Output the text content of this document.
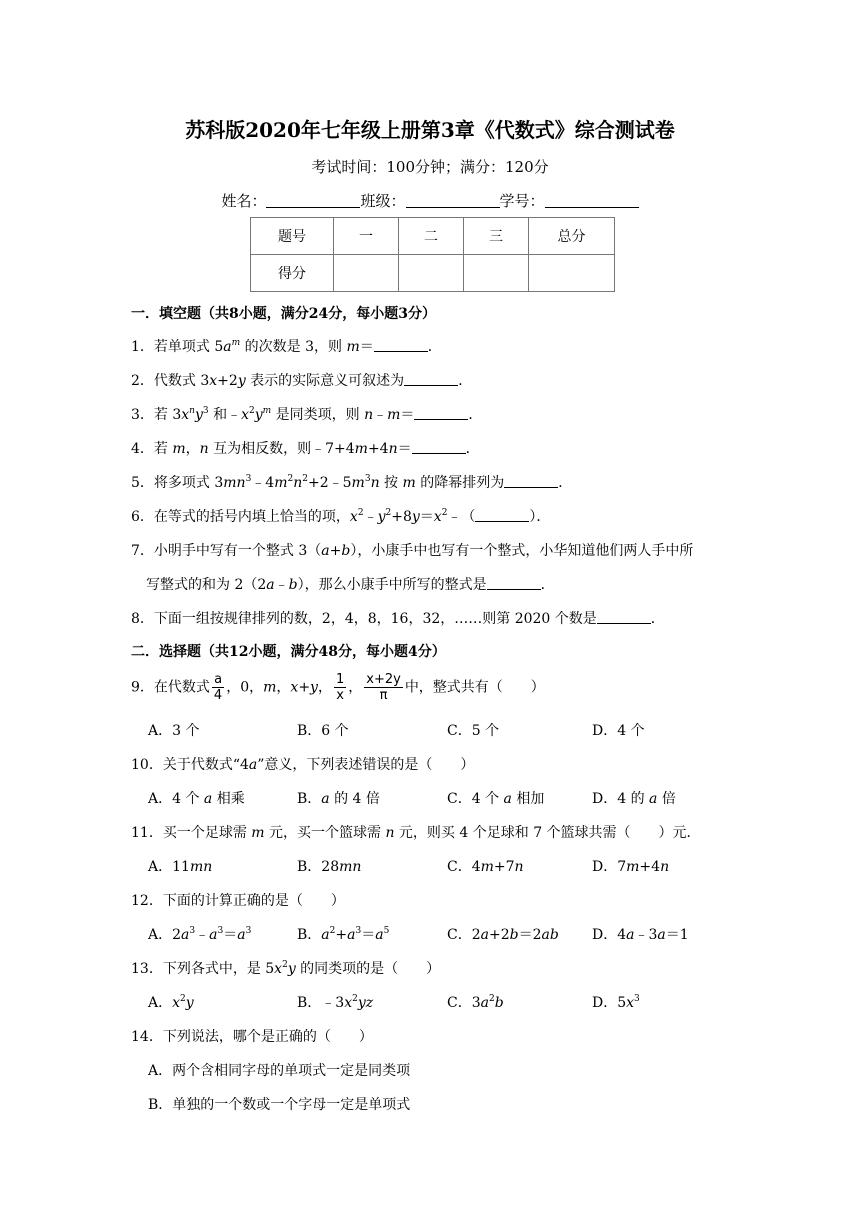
苏科版2020年七年级上册第3章《代数式》综合测试卷
考试时间：100分钟；满分：120分
姓名：	班级：	学号：
题号	一	二	三	总分
得分				
一．填空题（共8小题，满分24分，每小题3分）
1．若单项式 $5a^m$ 的次数是 3，则 m＝	．
2．代数式 3x+2y 表示的实际意义可叙述为	．
3．若 $3x^ny^3$ 和$﹣x^2y^m$ 是同类项，则 n﹣m＝	．
4．若 m，n 互为相反数，则﹣7+4m+4n＝	．
5．将多项式 $3mn^3﹣4m^2n^2+2﹣5m^3n$ 按 m 的降幂排列为	．
6．在等式的括号内填上恰当的项，$x^2﹣y^2+8y=x^2﹣$（	）．
7．小明手中写有一个整式 3（a+b），小康手中也写有一个整式，小华知道他们两人手中所
写整式的和为 2（2a﹣b），那么小康手中所写的整式是	．
8．下面一组按规律排列的数，2，4，8，16，32，……则第 2020 个数是	．
二．选择题（共12小题，满分48分，每小题4分）
9．在代数式 $\frac{a}{4}$ ，0，m，x+y， $\frac{1}{x}$ ， $\frac{x+2y}{\pi}$ 中，整式共有（　　）
A．3 个	B．6 个	C．5 个	D．4 个
10．关于代数式“4a”意义，下列表述错误的是（　　）
A．4 个 a 相乘	B．a 的 4 倍	C．4 个 a 相加	D．4 的 a 倍
11．买一个足球需 m 元，买一个篮球需 n 元，则买 4 个足球和 7 个篮球共需（　　）元．
A．11mn	B．28mn	C．4m+7n	D．7m+4n
12．下面的计算正确的是（　　）
A．$2a^3﹣a^3=a^3$	B．$a^2+a^3=a^5$	C．2a+2b＝2ab D．4a﹣3a＝1
13．下列各式中，是 $5x^2y$ 的同类项的是（　　）
A．$x^2y$	B．$﹣3x^2yz$	C．$3a^2b$	D．$5x^3$
14．下列说法，哪个是正确的（　　）
A．两个含相同字母的单项式一定是同类项
B．单独的一个数或一个字母一定是单项式
